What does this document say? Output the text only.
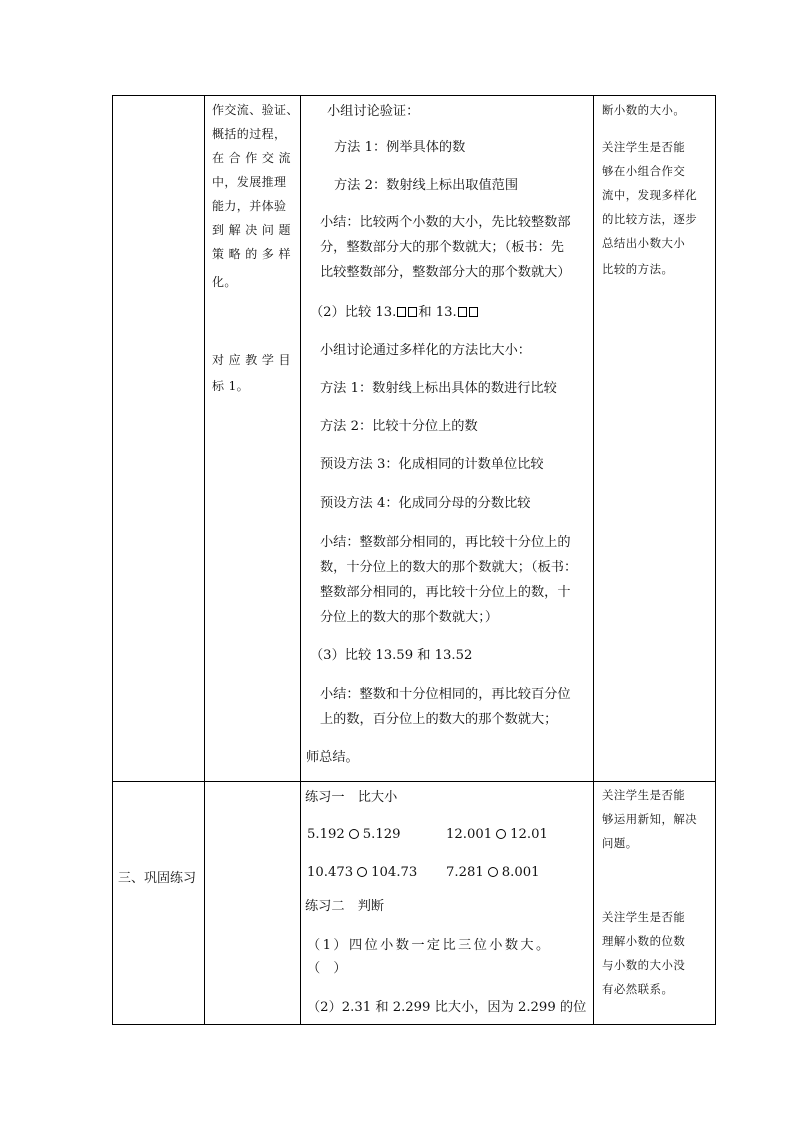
作交流、验证、
概括的过程，
在 合 作 交 流
中，发展推理
能力，并体验
到 解 决 问 题
策 略 的 多 样
化。
对 应 教 学 目
标 1。
小组讨论验证：
方法 1：例举具体的数
方法 2：数射线上标出取值范围
小结：比较两个小数的大小，先比较整数部
分，整数部分大的那个数就大；（板书：先
比较整数部分，整数部分大的那个数就大）
（2）比较 13. 和 13.
小组讨论通过多样化的方法比大小：
方法 1：数射线上标出具体的数进行比较
方法 2：比较十分位上的数
预设方法 3：化成相同的计数单位比较
预设方法 4：化成同分母的分数比较
小结：整数部分相同的，再比较十分位上的
数，十分位上的数大的那个数就大；（板书：
整数部分相同的，再比较十分位上的数，十
分位上的数大的那个数就大；）
（3）比较 13.59 和 13.52
小结：整数和十分位相同的，再比较百分位
上的数，百分位上的数大的那个数就大；
师总结。
断小数的大小。
关注学生是否能
够在小组合作交
流中，发现多样化
的比较方法，逐步
总结出小数大小
比较的方法。
三、巩固练习
练习一　比大小
5.192 5.129	12.001 12.01
10.473 104.73 7.281 8.001
练习二　判断
（1）四位小数一定比三位小数大。
（　）
（2）2.31 和 2.299 比大小，因为 2.299 的位
关注学生是否能
够运用新知，解决
问题。
关注学生是否能
理解小数的位数
与小数的大小没
有必然联系。
